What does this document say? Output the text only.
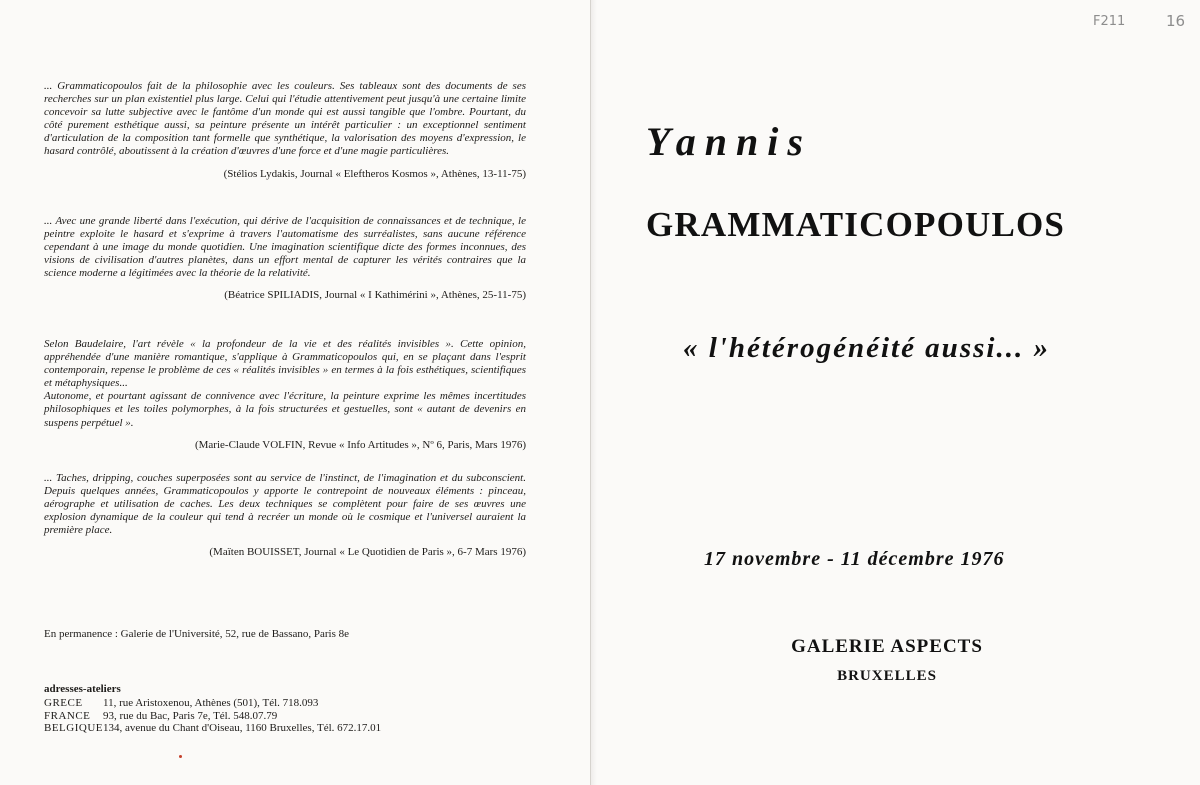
... Grammaticopoulos fait de la philosophie avec les couleurs. Ses tableaux sont des documents de ses recherches sur un plan existentiel plus large. Celui qui l'étudie attentivement peut jusqu'à une certaine limite concevoir sa lutte subjective avec le fantôme d'un monde qui est aussi tangible que l'ombre. Pourtant, du côté purement esthétique aussi, sa peinture présente un intérêt particulier : un exceptionnel sentiment d'articulation de la composition tant formelle que synthétique, la valorisation des moyens d'expression, le hasard contrôlé, aboutissent à la création d'œuvres d'une force et d'une magie particulières.

(Stélios Lydakis, Journal « Eleftheros Kosmos », Athènes, 13-11-75)

... Avec une grande liberté dans l'exécution, qui dérive de l'acquisition de connaissances et de technique, le peintre exploite le hasard et s'exprime à travers l'automatisme des surréalistes, sans aucune référence cependant à une image du monde quotidien. Une imagination scientifique dicte des formes inconnues, des visions de civilisation d'autres planètes, dans un effort mental de capturer les vérités contraires que la science moderne a légitimées avec la théorie de la relativité.

(Béatrice SPILIADIS, Journal « I Kathimérini », Athènes, 25-11-75)

Selon Baudelaire, l'art révèle « la profondeur de la vie et des réalités invisibles ». Cette opinion, appréhendée d'une manière romantique, s'applique à Grammaticopoulos qui, en se plaçant dans l'esprit contemporain, repense le problème de ces « réalités invisibles » en termes à la fois esthétiques, scientifiques et métaphysiques...
Autonome, et pourtant agissant de connivence avec l'écriture, la peinture exprime les mêmes incertitudes philosophiques et les toiles polymorphes, à la fois structurées et gestuelles, sont « autant de devenirs en suspens perpétuel ».

(Marie-Claude VOLFIN, Revue « Info Artitudes », Nº 6, Paris, Mars 1976)

... Taches, dripping, couches superposées sont au service de l'instinct, de l'imagination et du subconscient. Depuis quelques années, Grammaticopoulos y apporte le contrepoint de nouveaux éléments : pinceau, aérographe et utilisation de caches. Les deux techniques se complètent pour faire de ses œuvres une explosion dynamique de la couleur qui tend à recréer un monde où le cosmique et l'universel auraient la première place.

(Maïten BOUISSET, Journal « Le Quotidien de Paris », 6-7 Mars 1976)
En permanence : Galerie de l'Université, 52, rue de Bassano, Paris 8e
adresses-ateliers
GRECE	11, rue Aristoxenou, Athènes (501), Tél. 718.093
FRANCE	93, rue du Bac, Paris 7e, Tél. 548.07.79
BELGIQUE	134, avenue du Chant d'Oiseau, 1160 Bruxelles, Tél. 672.17.01
F211	16
Yannis
GRAMMATICOPOULOS
« l'hétérogénéité aussi... »
17 novembre - 11 décembre 1976
GALERIE ASPECTS
BRUXELLES
